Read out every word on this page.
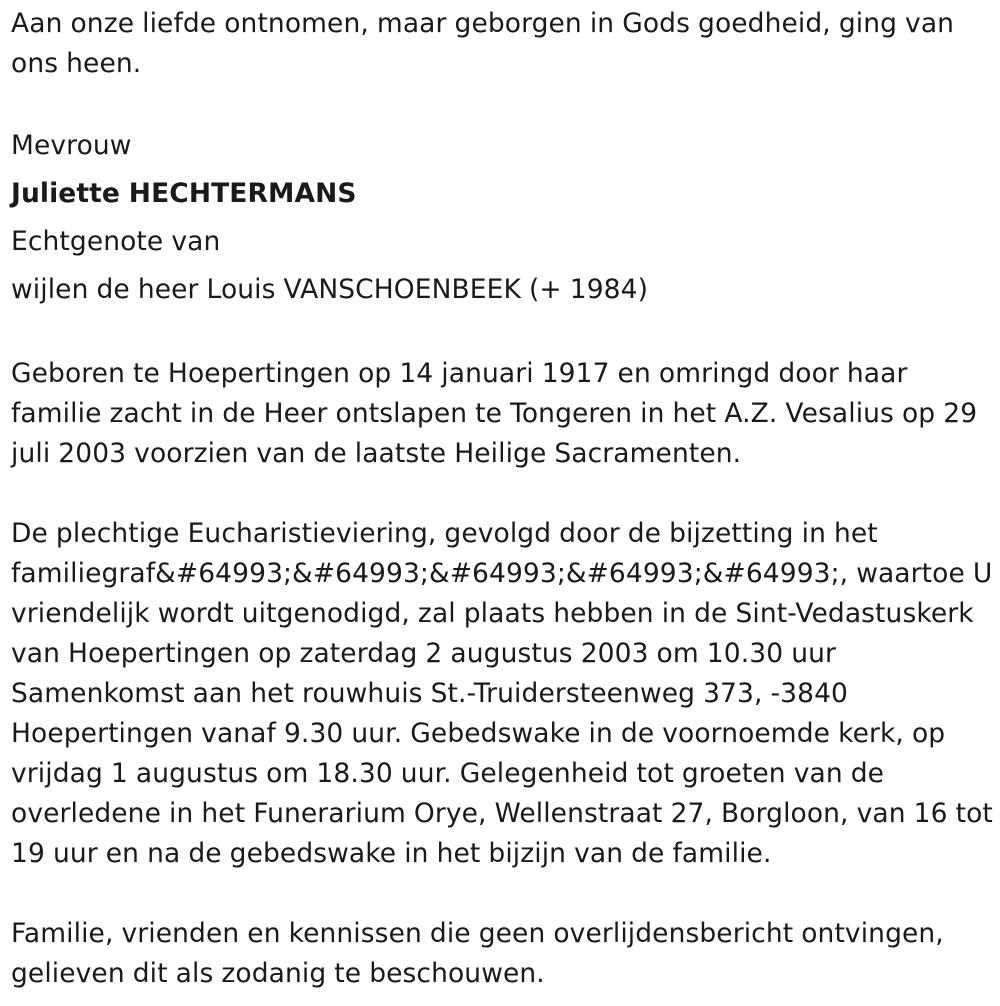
Aan onze liefde ontnomen, maar geborgen in Gods goedheid, ging van
ons heen.
Mevrouw
Juliette HECHTERMANS
Echtgenote van
wijlen de heer Louis VANSCHOENBEEK (+ 1984)
Geboren te Hoepertingen op 14 januari 1917 en omringd door haar
familie zacht in de Heer ontslapen te Tongeren in het A.Z. Vesalius op 29
juli 2003 voorzien van de laatste Heilige Sacramenten.
De plechtige Eucharistieviering, gevolgd door de bijzetting in het
familiegraf&#64993;&#64993;&#64993;&#64993;&#64993;, waartoe U
vriendelijk wordt uitgenodigd, zal plaats hebben in de Sint-Vedastuskerk
van Hoepertingen op zaterdag 2 augustus 2003 om 10.30 uur
Samenkomst aan het rouwhuis St.-Truidersteenweg 373, -3840
Hoepertingen vanaf 9.30 uur. Gebedswake in de voornoemde kerk, op
vrijdag 1 augustus om 18.30 uur. Gelegenheid tot groeten van de
overledene in het Funerarium Orye, Wellenstraat 27, Borgloon, van 16 tot
19 uur en na de gebedswake in het bijzijn van de familie.
Familie, vrienden en kennissen die geen overlijdensbericht ontvingen,
gelieven dit als zodanig te beschouwen.
